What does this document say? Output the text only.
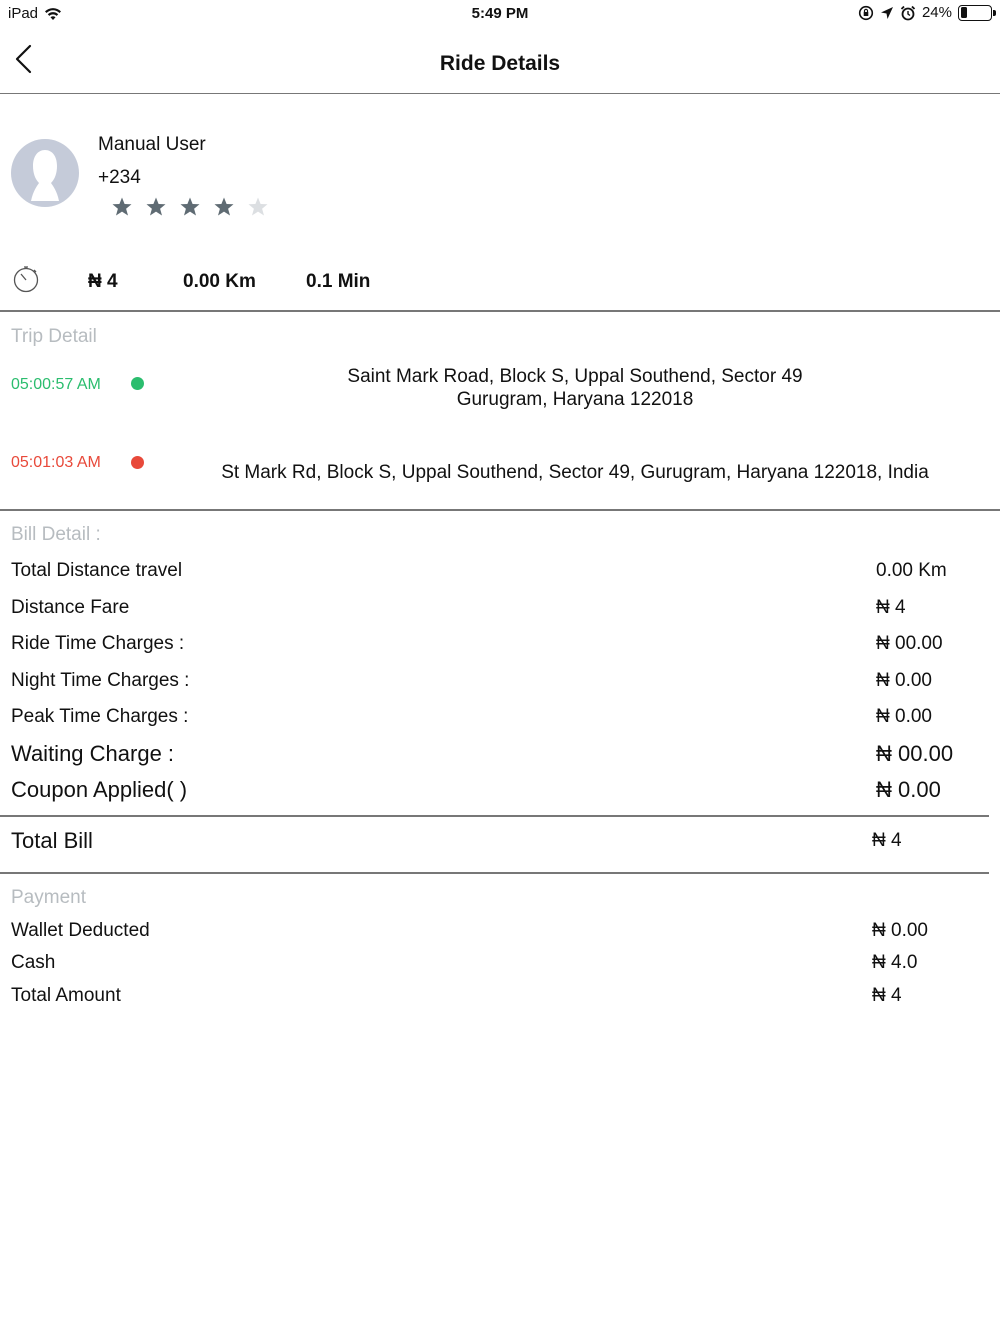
iPad	5:49 PM	24%
Ride Details
Manual User
+234
₦ 4	0.00 Km	0.1 Min
Trip Detail
05:00:57 AM	Saint Mark Road, Block S, Uppal Southend, Sector 49
Gurugram, Haryana 122018
05:01:03 AM	St Mark Rd, Block S, Uppal Southend, Sector 49, Gurugram, Haryana 122018, India
Bill Detail :
Total Distance travel	0.00 Km
Distance Fare	₦ 4
Ride Time Charges :	₦ 00.00
Night Time Charges :	₦ 0.00
Peak Time Charges :	₦ 0.00
Waiting Charge :	₦ 00.00
Coupon Applied( )	₦ 0.00
Total Bill	₦ 4
Payment
Wallet Deducted	₦ 0.00
Cash	₦ 4.0
Total Amount	₦ 4
